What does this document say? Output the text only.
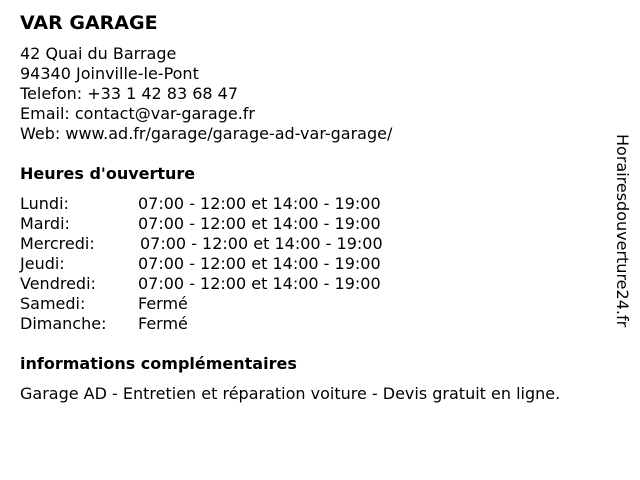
VAR GARAGE
42 Quai du Barrage
94340 Joinville-le-Pont
Telefon: +33 1 42 83 68 47
Email: contact@var-garage.fr
Web: www.ad.fr/garage/garage-ad-var-garage/
Heures d'ouverture
Lundi:	07:00 - 12:00 et 14:00 - 19:00
Mardi:	07:00 - 12:00 et 14:00 - 19:00
Mercredi:	07:00 - 12:00 et 14:00 - 19:00
Jeudi:	07:00 - 12:00 et 14:00 - 19:00
Vendredi:	07:00 - 12:00 et 14:00 - 19:00
Samedi:	Fermé
Dimanche: Fermé
informations complémentaires
Garage AD - Entretien et réparation voiture - Devis gratuit en ligne.
Horairesdouverture24.fr
